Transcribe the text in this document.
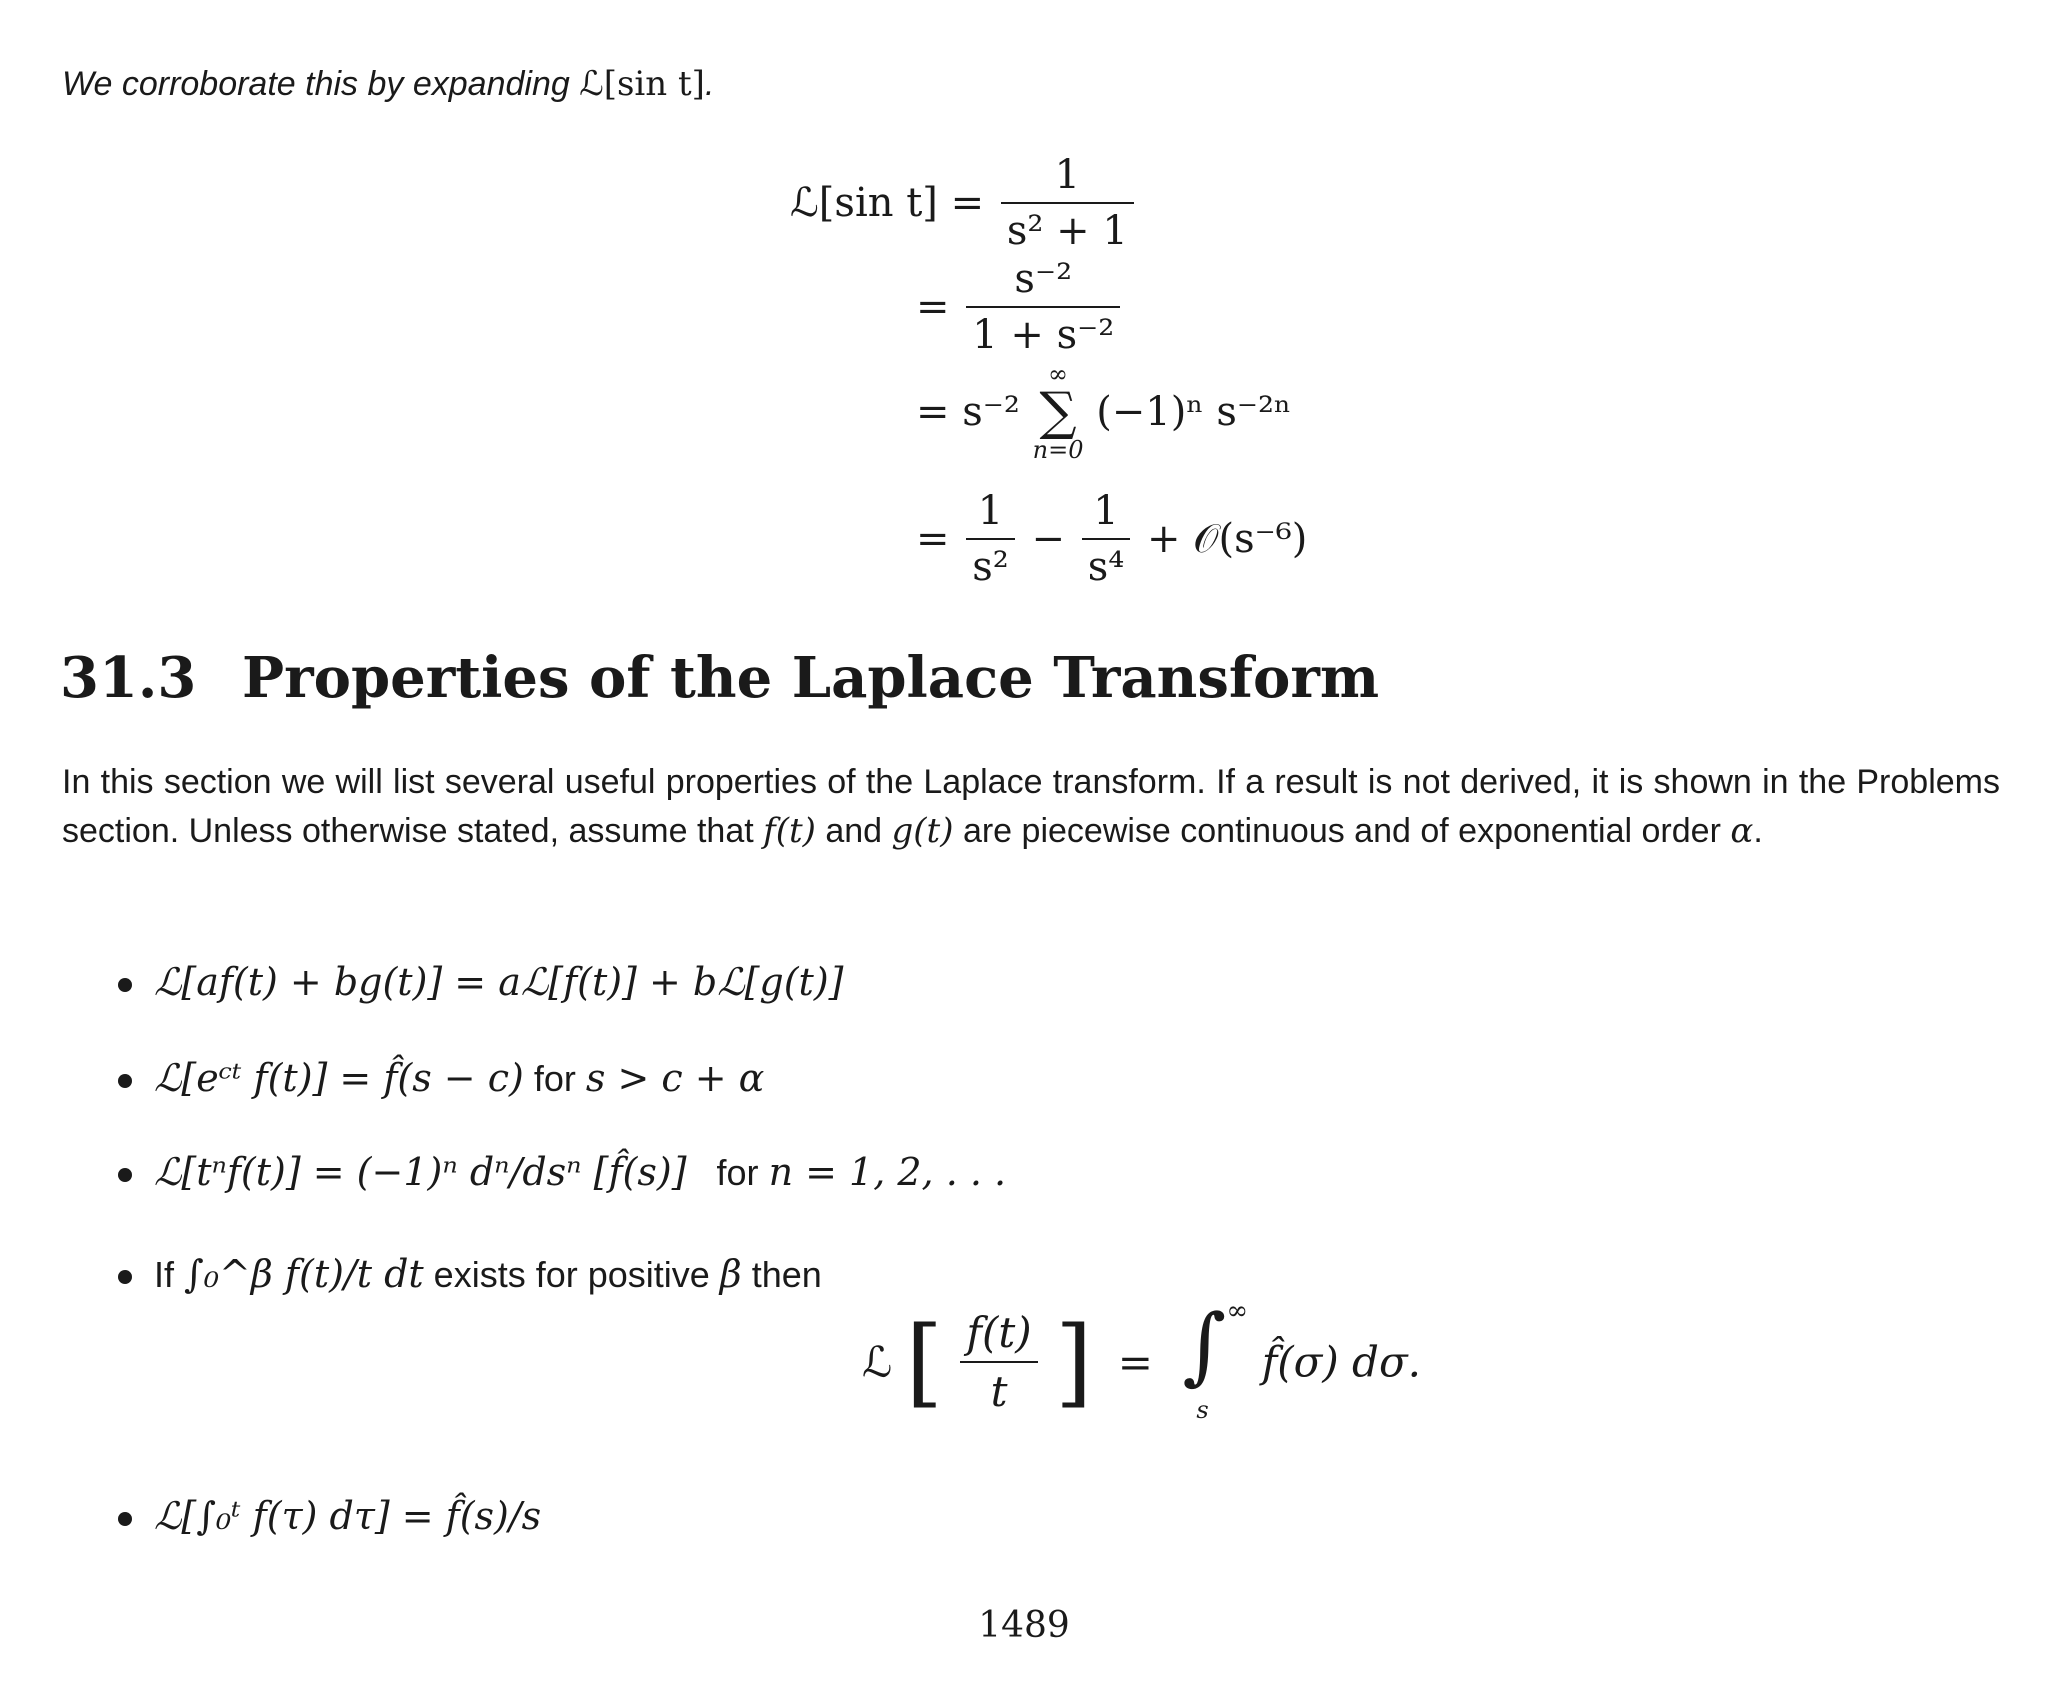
We corroborate this by expanding ℒ[sin t].
ℒ[sin $t] = \frac{1}{\text{s² + 1}}$
= $\frac{\text{s⁻²}}{\text{1 + s⁻²}}$
= s⁻²
∞
∑
n=0
(−1)ⁿ s⁻²ⁿ
= $\frac{1}{\text{s²}} - \frac{1}{\text{s⁴}}$ + 𝒪(s⁻⁶)
31.3 Properties of the Laplace Transform
In this section we will list several useful properties of the Laplace transform. If a result is not derived, it is shown in the Problems section. Unless otherwise stated, assume that f(t) and g(t) are piecewise continuous and of exponential order α.
ℒ[af(t) + bg(t)] = aℒ[f(t)] + bℒ[g(t)]
ℒ[eᶜᵗ f(t)] = f̂(s − c) for s > c + α
ℒ[tⁿf(t)] = (−1)ⁿ dⁿ/dsⁿ [f̂(s)]   for n = 1, 2, . . .
If ∫₀^β f(t)/t dt exists for positive β then
ℒ [ $\frac{f(t)}{t}$ ] = ∫ ∞
s
f̂(σ) dσ.
ℒ[∫₀ᵗ f(τ) dτ] = f̂(s)/s
1489
